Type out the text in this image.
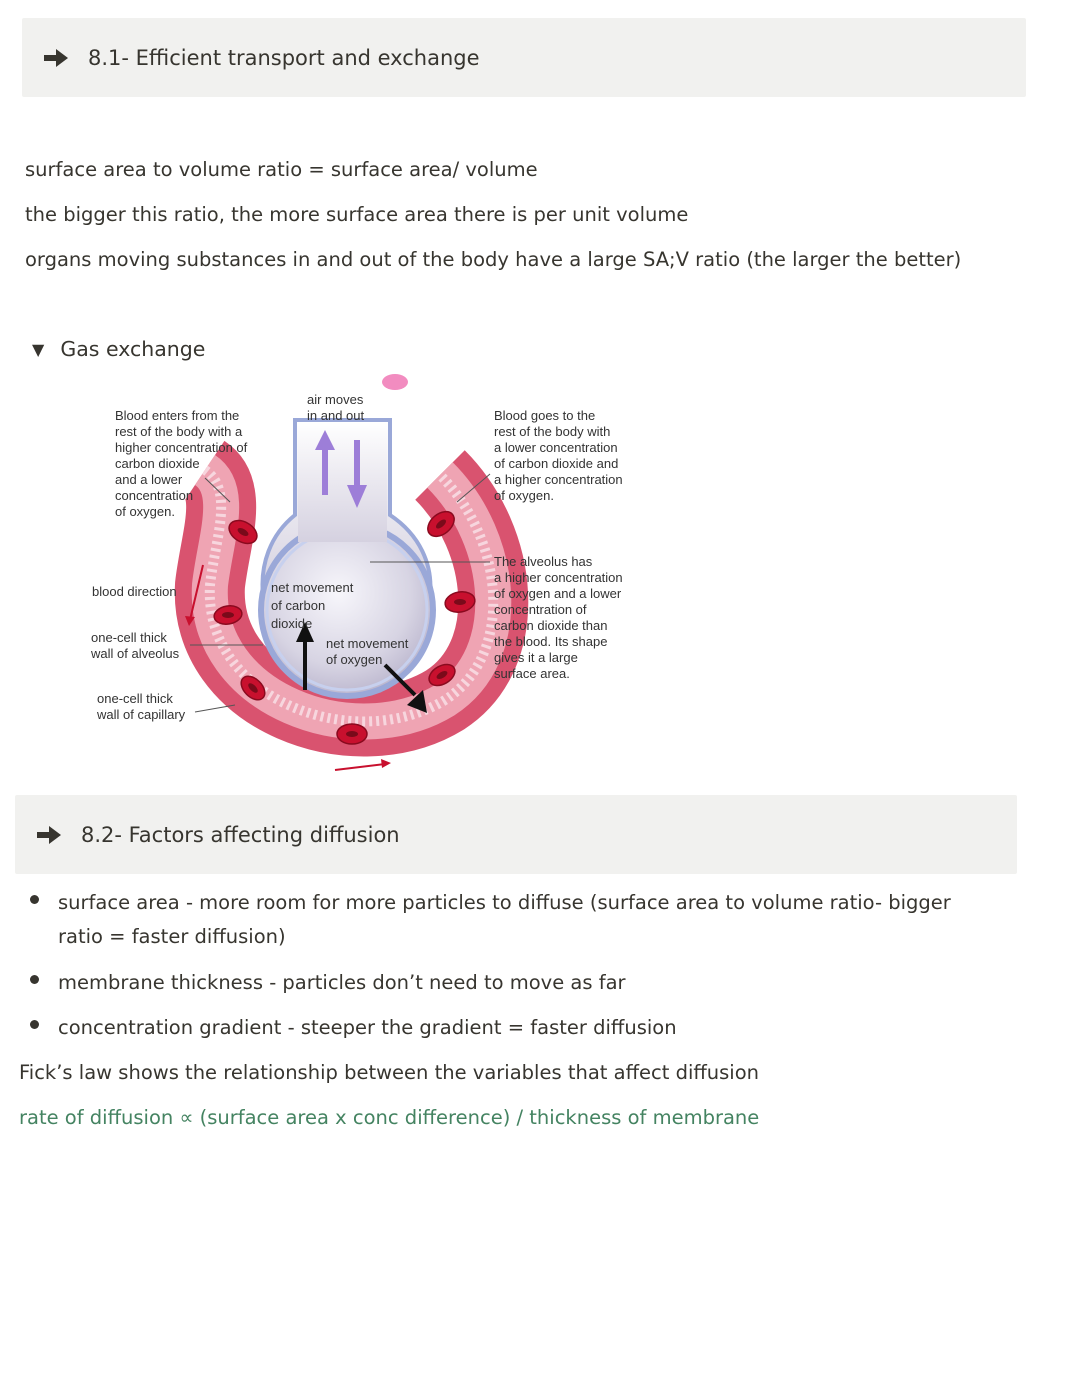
8.1- Efficient transport and exchange
surface area to volume ratio = surface area/ volume
the bigger this ratio, the more surface area there is per unit volume
organs moving substances in and out of the body have a large SA;V ratio (the larger the better)
▼ Gas exchange
air moves in and out
Blood enters from the rest of the body with a higher concentration of carbon dioxide and a lower concentration of oxygen.
Blood goes to the rest of the body with a lower concentration of carbon dioxide and a higher concentration of oxygen.
The alveolus has a higher concentration of oxygen and a lower concentration of carbon dioxide than the blood. Its shape gives it a large surface area.
blood direction
one-cell thick wall of alveolus
one-cell thick wall of capillary
net movement of carbon dioxide
net movement of oxygen
8.2- Factors affecting diffusion
surface area - more room for more particles to diffuse (surface area to volume ratio- bigger
ratio = faster diffusion)
membrane thickness - particles don’t need to move as far
concentration gradient - steeper the gradient = faster diffusion
Fick’s law shows the relationship between the variables that affect diffusion
rate of diffusion ∝ (surface area x conc difference) / thickness of membrane
